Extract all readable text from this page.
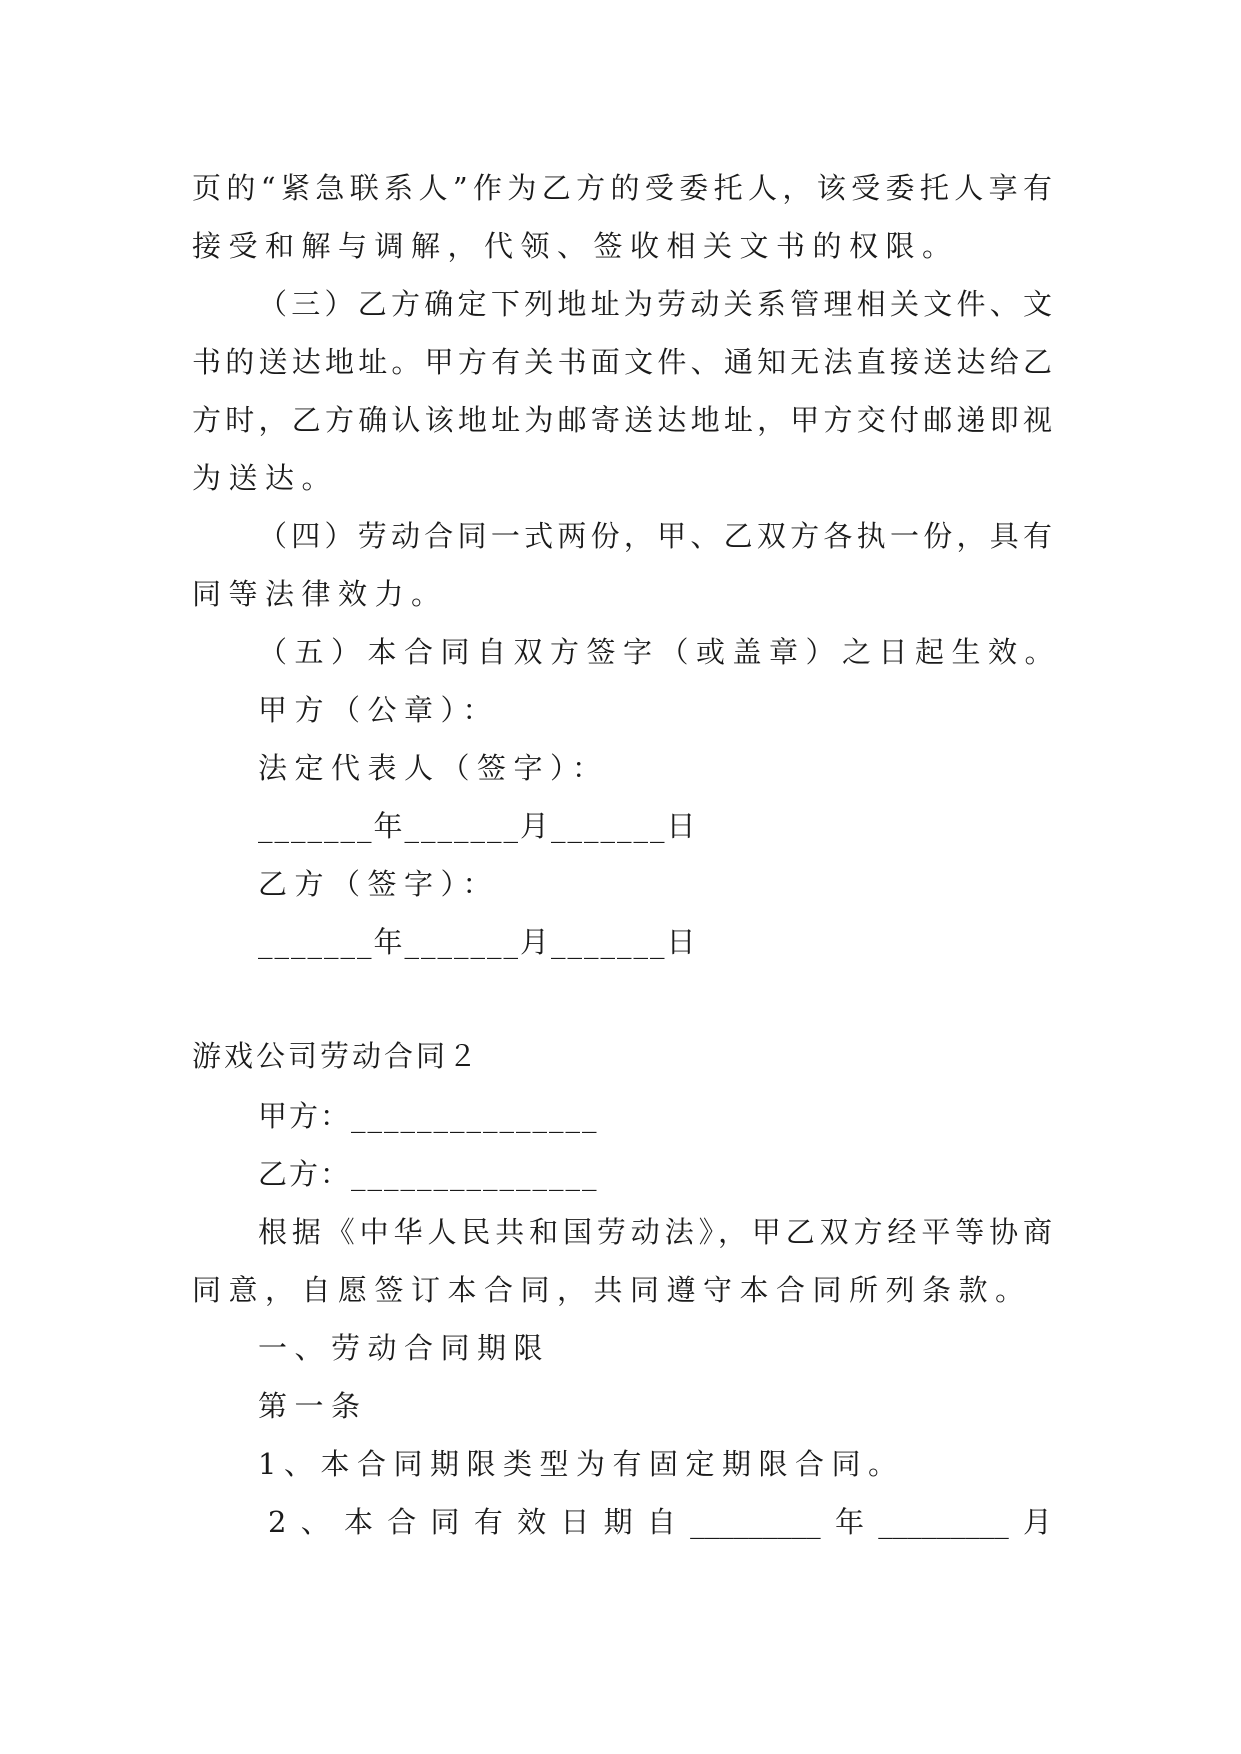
页的“紧急联系人”作为乙方的受委托人，该受委托人享有
接受和解与调解，代领、签收相关文书的权限。
（三）乙方确定下列地址为劳动关系管理相关文件、文
书的送达地址。甲方有关书面文件、通知无法直接送达给乙
方时，乙方确认该地址为邮寄送达地址，甲方交付邮递即视
为送达。
（四）劳动合同一式两份，甲、乙双方各执一份，具有
同等法律效力。
（五）本合同自双方签字（或盖章）之日起生效。
甲方（公章）：
法定代表人（签字）：
_______年_______月_______日
乙方（签字）：
_______年_______月_______日
游戏公司劳动合同２
甲方：_______________
乙方：_______________
根据《中华人民共和国劳动法》，甲乙双方经平等协商
同意，自愿签订本合同，共同遵守本合同所列条款。
一、劳动合同期限
第一条
1、本合同期限类型为有固定期限合同。
2、本合同有效日期自_________年_________月
